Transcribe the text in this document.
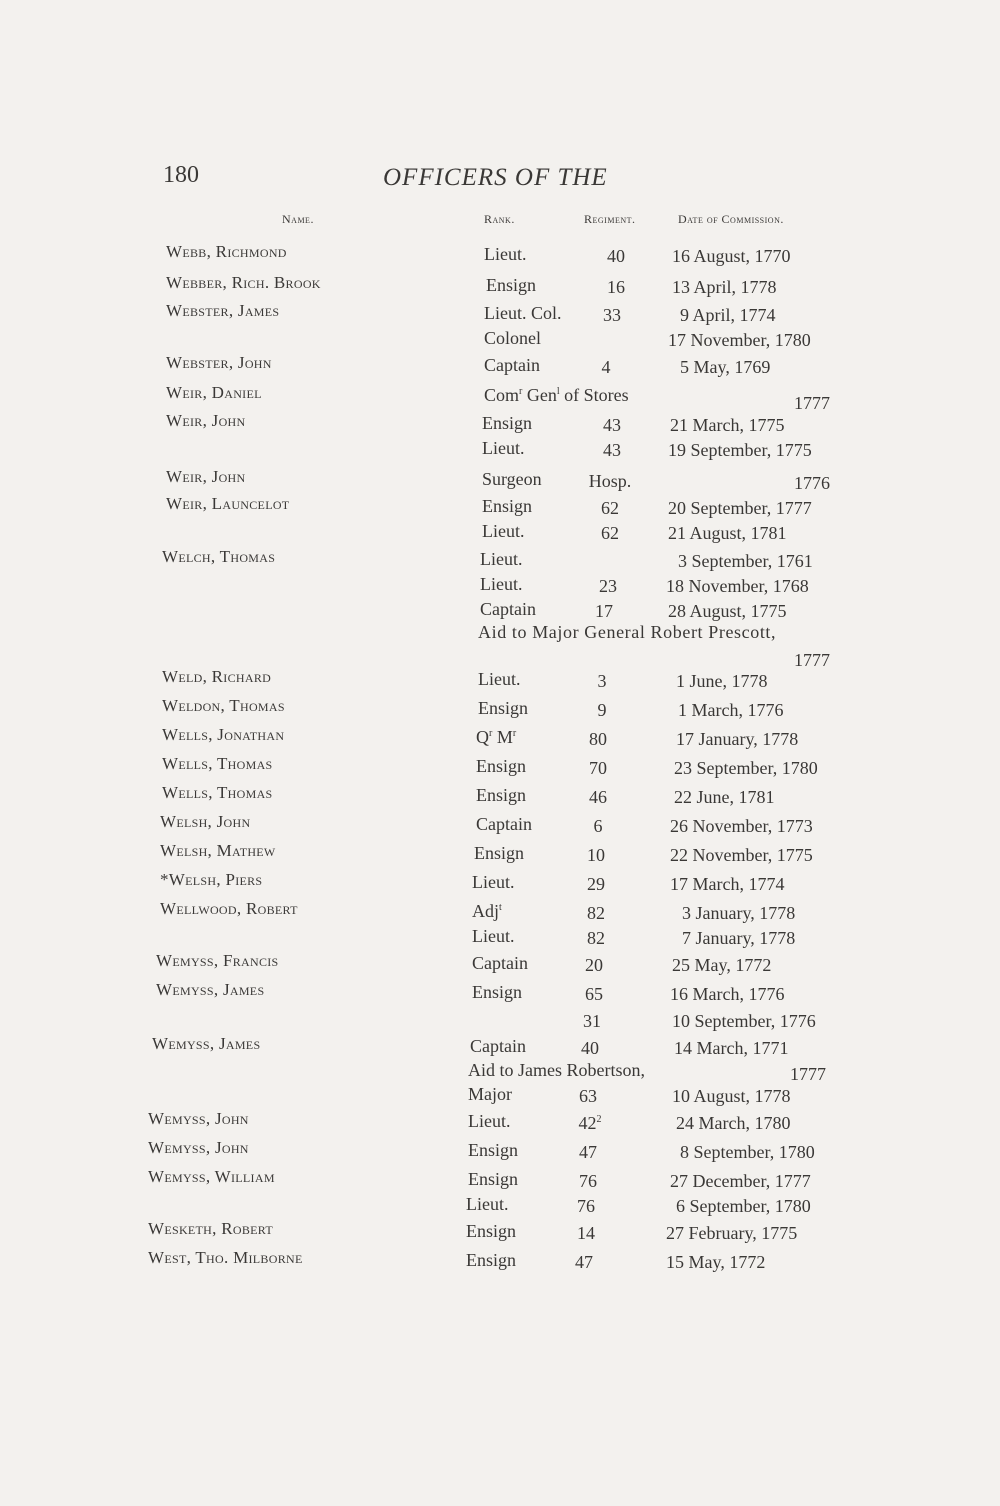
180	OFFICERS OF THE
Name.	Rank.	Regiment.	Date of Commission.
Webb, Richmond	Lieut.	40	16 August, 1770
Webber, Rich. Brook	Ensign	16	13 April, 1778
Webster, James	Lieut. Col.	33	9 April, 1774
Colonel	17 November, 1780
Webster, John	Captain	4	5 May, 1769
Weir, Daniel	Com$^r$ Gen$^l$ of Stores	1777
Weir, John	Ensign	43	21 March, 1775
Lieut.	43	19 September, 1775
Weir, John	Surgeon	Hosp.	1776
Weir, Launcelot	Ensign	62	20 September, 1777
Lieut.	62	21 August, 1781
Welch, Thomas	Lieut.	3 September, 1761
Lieut.	23	18 November, 1768
Captain	17	28 August, 1775
Aid to Major General Robert Prescott,
1777
Weld, Richard	Lieut.	3	1 June, 1778
Weldon, Thomas	Ensign	9	1 March, 1776
Wells, Jonathan	$Q^r$ $M^r$	80	17 January, 1778
Wells, Thomas	Ensign	70	23 September, 1780
Wells, Thomas	Ensign	46	22 June, 1781
Welsh, John	Captain	6	26 November, 1773
Welsh, Mathew	Ensign	10	22 November, 1775
*Welsh, Piers	Lieut.	29	17 March, 1774
Wellwood, Robert	Adj$^t$	82	3 January, 1778
Lieut.	82	7 January, 1778
Wemyss, Francis	Captain	20	25 May, 1772
Wemyss, James	Ensign	65	16 March, 1776
31	10 September, 1776
Wemyss, James	Captain	40	14 March, 1771
Aid to James Robertson,	1777
Major	63	10 August, 1778
Wemyss, John	Lieut.	$42^2$	24 March, 1780
Wemyss, John	Ensign	47	8 September, 1780
Wemyss, William	Ensign	76	27 December, 1777
Lieut.	76	6 September, 1780
Wesketh, Robert	Ensign	14	27 February, 1775
West, Tho. Milborne	Ensign	47	15 May, 1772
